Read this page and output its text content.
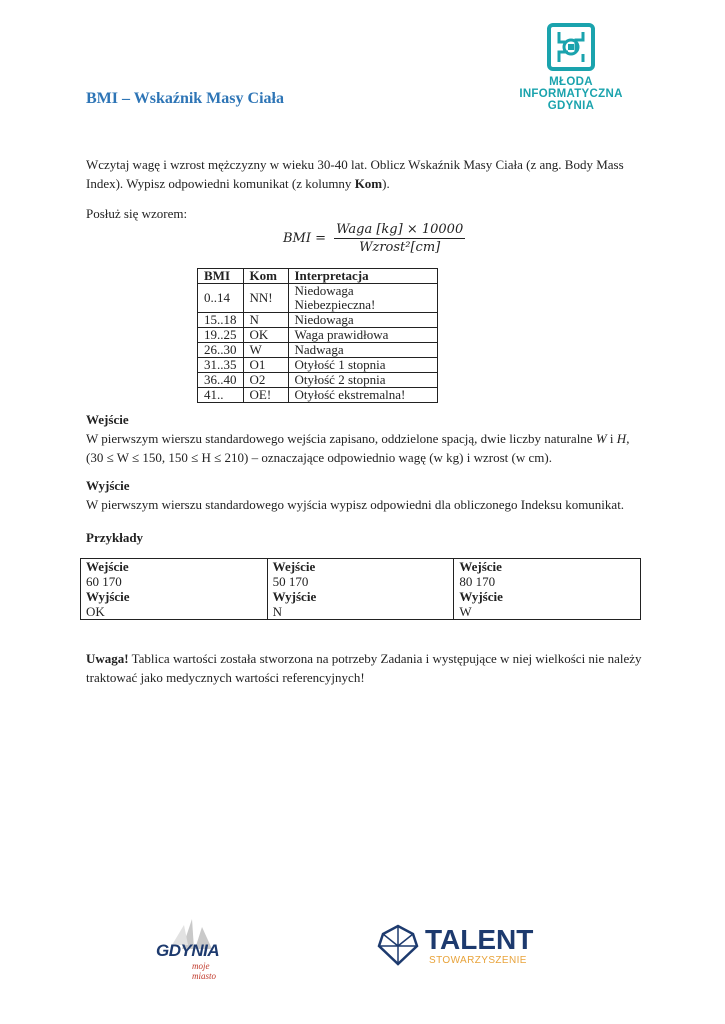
MŁODA
INFORMATYCZNA
GDYNIA
BMI – Wskaźnik Masy Ciała
Wczytaj wagę i wzrost mężczyzny w wieku 30-40 lat. Oblicz Wskaźnik Masy Ciała (z ang. Body Mass
Index). Wypisz odpowiedni komunikat (z kolumny Kom).
Posłuż się wzorem:
BMI = $\frac{\text{Waga [kg] × 10000}}{\text{Wzrost²[cm]}}$
BMI	Kom	Interpretacja
0..14	NN!	Niedowaga Niebezpieczna!
15..18	N	Niedowaga
19..25	OK	Waga prawidłowa
26..30	W	Nadwaga
31..35	O1	Otyłość 1 stopnia
36..40	O2	Otyłość 2 stopnia
41..	OE!	Otyłość ekstremalna!
Wejście
W pierwszym wierszu standardowego wejścia zapisano, oddzielone spacją, dwie liczby naturalne W i H,
(30 ≤ W ≤ 150, 150 ≤ H ≤ 210) – oznaczające odpowiednio wagę (w kg) i wzrost (w cm).
Wyjście
W pierwszym wierszu standardowego wyjścia wypisz odpowiedni dla obliczonego Indeksu komunikat.
Przykłady
Wejście
60 170
Wyjście
OK

Wejście
50 170
Wyjście
N

Wejście
80 170
Wyjście
W
Uwaga! Tablica wartości została stworzona na potrzeby Zadania i występujące w niej wielkości nie należy
traktować jako medycznych wartości referencyjnych!
GDYNIA
moje miasto
TALENT
STOWARZYSZENIE
